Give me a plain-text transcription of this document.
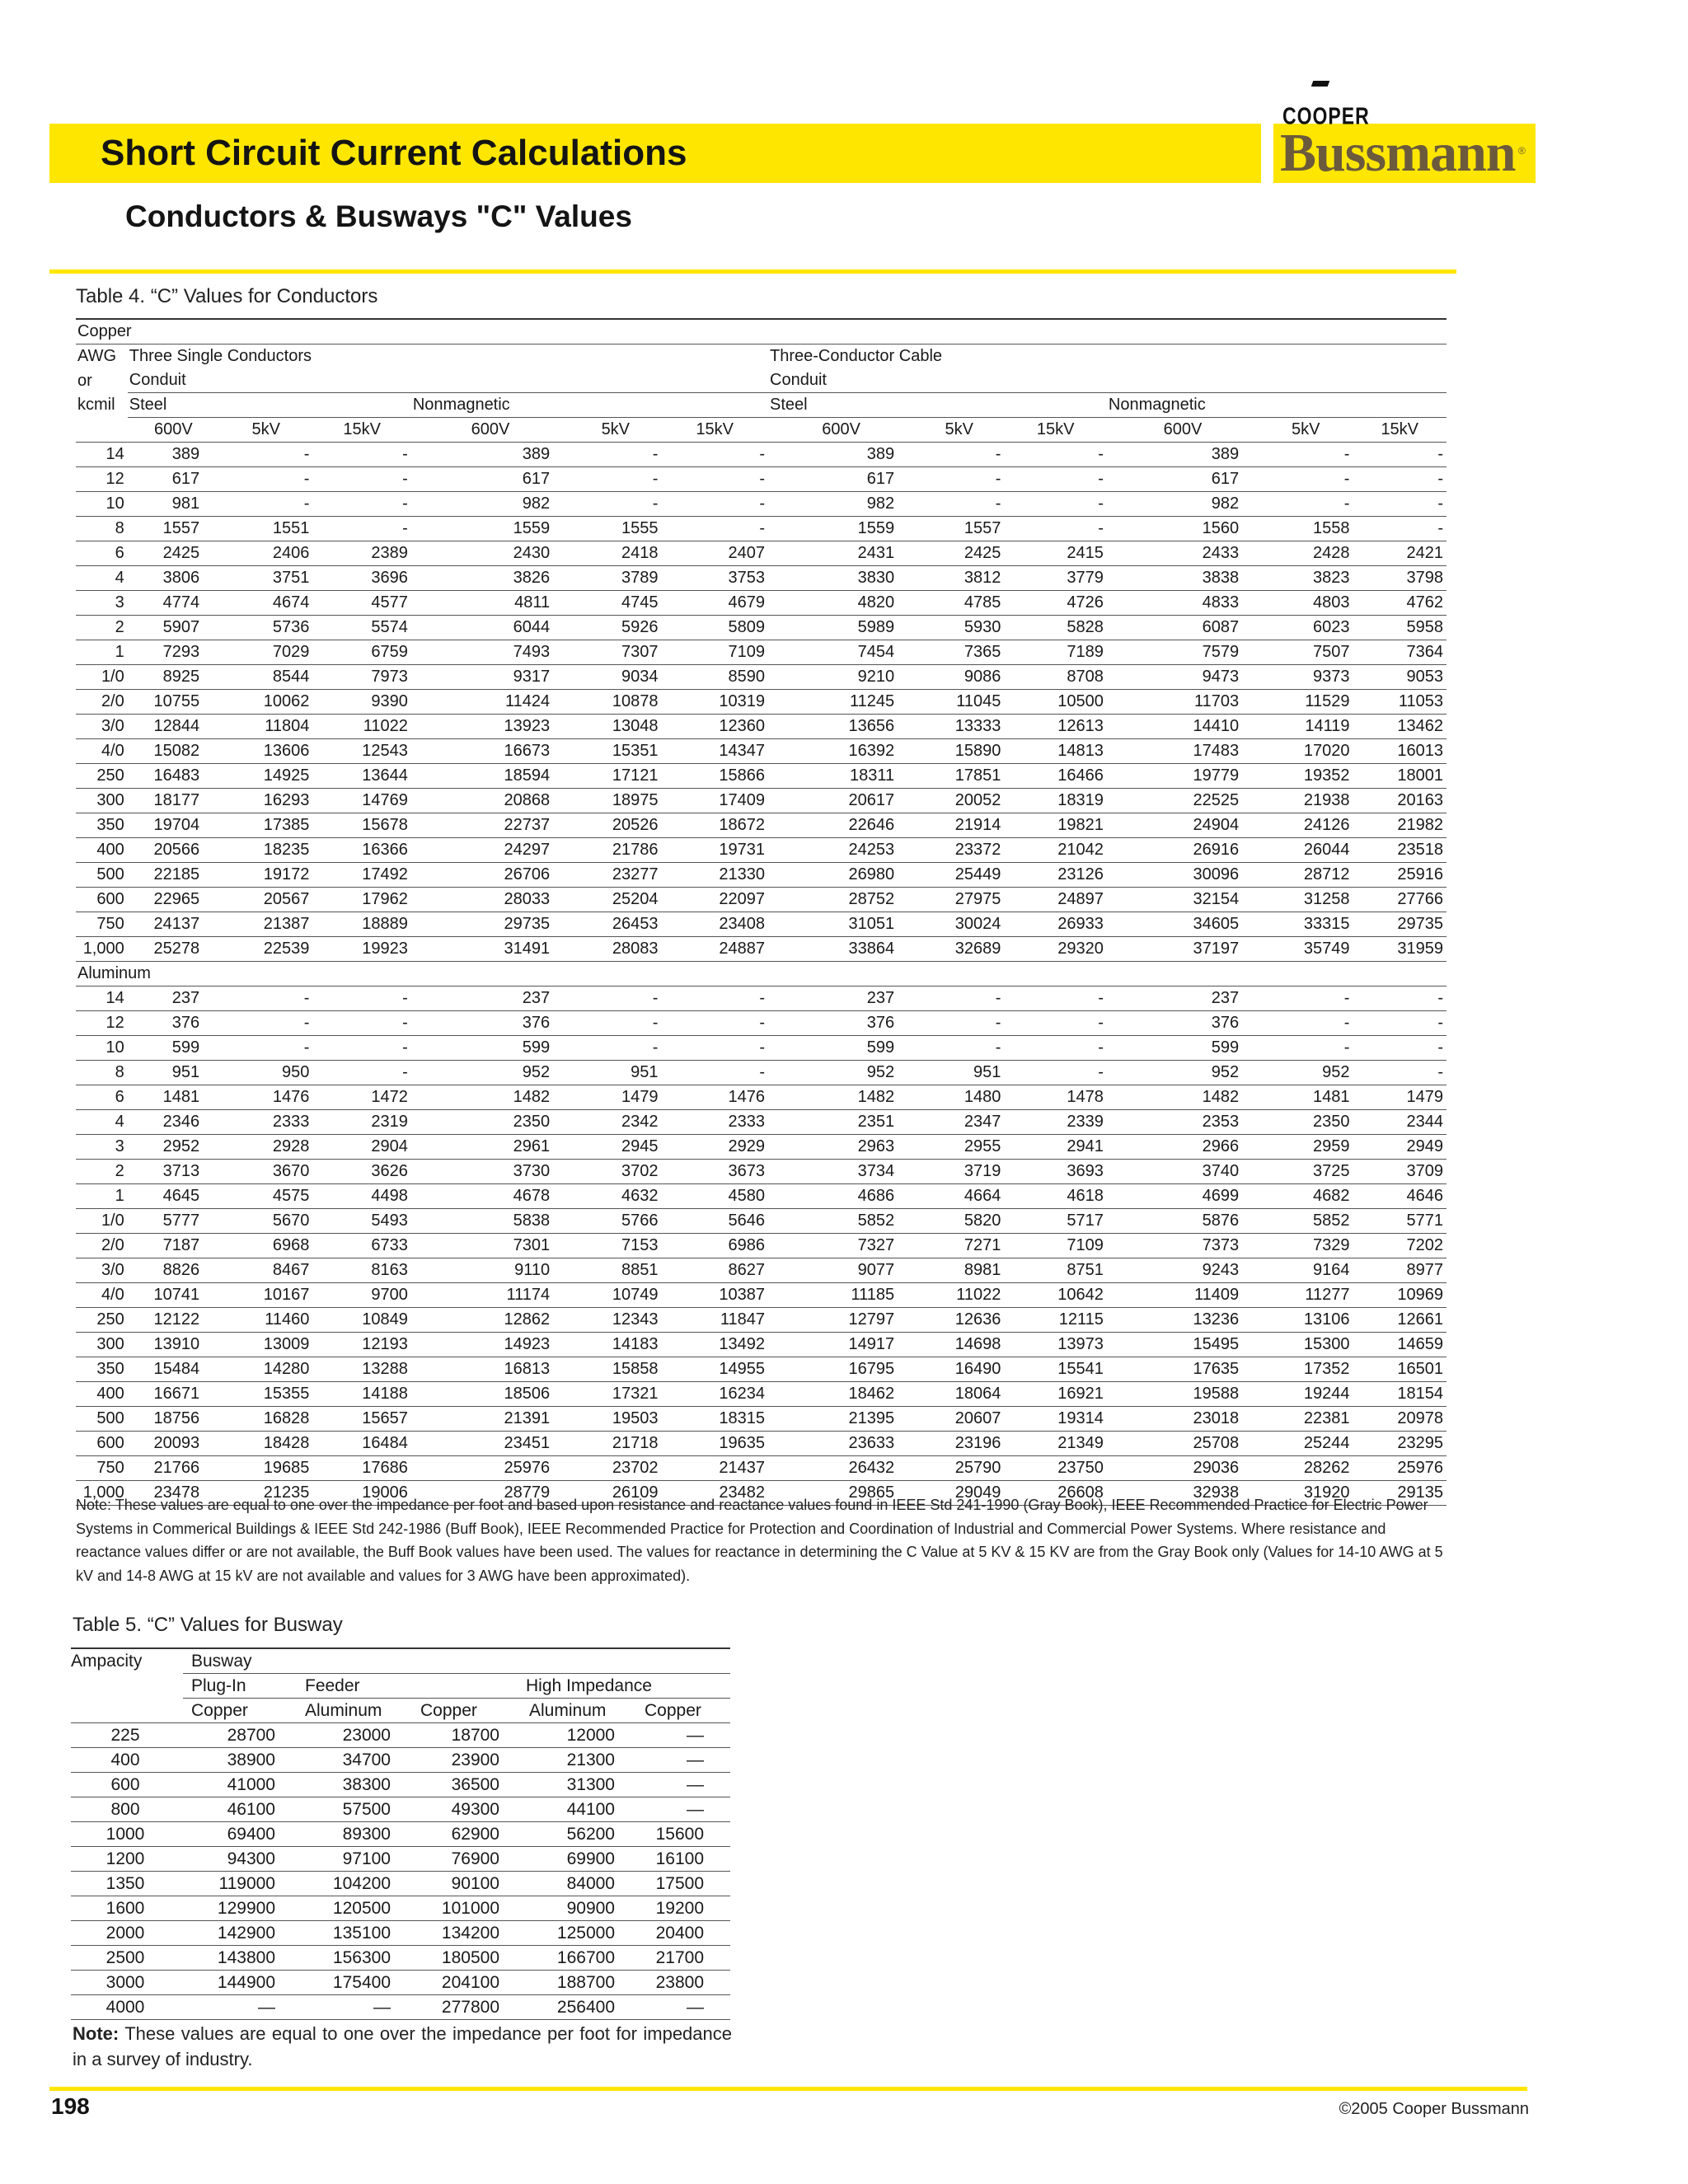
Short Circuit Current Calculations
COOPER
Bussmann ®
Conductors & Busways "C" Values
Table 4. “C” Values for Conductors
Copper												
AWG	Three Single Conductors						Three-Conductor Cable					
or	Conduit						Conduit					
kcmil	Steel			Nonmagnetic			Steel			Nonmagnetic		
	600V	5kV	15kV	600V	5kV	15kV	600V	5kV	15kV	600V	5kV	15kV
14	389	-	-	389	-	-	389	-	-	389	-	-
12	617	-	-	617	-	-	617	-	-	617	-	-
10	981	-	-	982	-	-	982	-	-	982	-	-
8	1557	1551	-	1559	1555	-	1559	1557	-	1560	1558	-
6	2425	2406	2389	2430	2418	2407	2431	2425	2415	2433	2428	2421
4	3806	3751	3696	3826	3789	3753	3830	3812	3779	3838	3823	3798
3	4774	4674	4577	4811	4745	4679	4820	4785	4726	4833	4803	4762
2	5907	5736	5574	6044	5926	5809	5989	5930	5828	6087	6023	5958
1	7293	7029	6759	7493	7307	7109	7454	7365	7189	7579	7507	7364
1/0	8925	8544	7973	9317	9034	8590	9210	9086	8708	9473	9373	9053
2/0	10755	10062	9390	11424	10878	10319	11245	11045	10500	11703	11529	11053
3/0	12844	11804	11022	13923	13048	12360	13656	13333	12613	14410	14119	13462
4/0	15082	13606	12543	16673	15351	14347	16392	15890	14813	17483	17020	16013
250	16483	14925	13644	18594	17121	15866	18311	17851	16466	19779	19352	18001
300	18177	16293	14769	20868	18975	17409	20617	20052	18319	22525	21938	20163
350	19704	17385	15678	22737	20526	18672	22646	21914	19821	24904	24126	21982
400	20566	18235	16366	24297	21786	19731	24253	23372	21042	26916	26044	23518
500	22185	19172	17492	26706	23277	21330	26980	25449	23126	30096	28712	25916
600	22965	20567	17962	28033	25204	22097	28752	27975	24897	32154	31258	27766
750	24137	21387	18889	29735	26453	23408	31051	30024	26933	34605	33315	29735
1,000	25278	22539	19923	31491	28083	24887	33864	32689	29320	37197	35749	31959
Aluminum												
14	237	-	-	237	-	-	237	-	-	237	-	-
12	376	-	-	376	-	-	376	-	-	376	-	-
10	599	-	-	599	-	-	599	-	-	599	-	-
8	951	950	-	952	951	-	952	951	-	952	952	-
6	1481	1476	1472	1482	1479	1476	1482	1480	1478	1482	1481	1479
4	2346	2333	2319	2350	2342	2333	2351	2347	2339	2353	2350	2344
3	2952	2928	2904	2961	2945	2929	2963	2955	2941	2966	2959	2949
2	3713	3670	3626	3730	3702	3673	3734	3719	3693	3740	3725	3709
1	4645	4575	4498	4678	4632	4580	4686	4664	4618	4699	4682	4646
1/0	5777	5670	5493	5838	5766	5646	5852	5820	5717	5876	5852	5771
2/0	7187	6968	6733	7301	7153	6986	7327	7271	7109	7373	7329	7202
3/0	8826	8467	8163	9110	8851	8627	9077	8981	8751	9243	9164	8977
4/0	10741	10167	9700	11174	10749	10387	11185	11022	10642	11409	11277	10969
250	12122	11460	10849	12862	12343	11847	12797	12636	12115	13236	13106	12661
300	13910	13009	12193	14923	14183	13492	14917	14698	13973	15495	15300	14659
350	15484	14280	13288	16813	15858	14955	16795	16490	15541	17635	17352	16501
400	16671	15355	14188	18506	17321	16234	18462	18064	16921	19588	19244	18154
500	18756	16828	15657	21391	19503	18315	21395	20607	19314	23018	22381	20978
600	20093	18428	16484	23451	21718	19635	23633	23196	21349	25708	25244	23295
750	21766	19685	17686	25976	23702	21437	26432	25790	23750	29036	28262	25976
1,000	23478	21235	19006	28779	26109	23482	29865	29049	26608	32938	31920	29135
Note: These values are equal to one over the impedance per foot and based upon resistance and reactance values found in IEEE Std 241-1990 (Gray Book), IEEE Recommended Practice for Electric Power Systems in Commerical Buildings & IEEE Std 242-1986 (Buff Book), IEEE Recommended Practice for Protection and Coordination of Industrial and Commercial Power Systems. Where resistance and reactance values differ or are not available, the Buff Book values have been used. The values for reactance in determining the C Value at 5 KV & 15 KV are from the Gray Book only (Values for 14-10 AWG at 5 kV and 14-8 AWG at 15 kV are not available and values for 3 AWG have been approximated).
Table 5. “C” Values for Busway
Ampacity	Busway				
	Plug-In	Feeder		High Impedance	
	Copper	Aluminum	Copper	Aluminum	Copper
225	28700	23000	18700	12000	—
400	38900	34700	23900	21300	—
600	41000	38300	36500	31300	—
800	46100	57500	49300	44100	—
1000	69400	89300	62900	56200	15600
1200	94300	97100	76900	69900	16100
1350	119000	104200	90100	84000	17500
1600	129900	120500	101000	90900	19200
2000	142900	135100	134200	125000	20400
2500	143800	156300	180500	166700	21700
3000	144900	175400	204100	188700	23800
4000	—	—	277800	256400	—
Note: These values are equal to one over the impedance per foot for impedance in a survey of industry.
198	©2005 Cooper Bussmann
